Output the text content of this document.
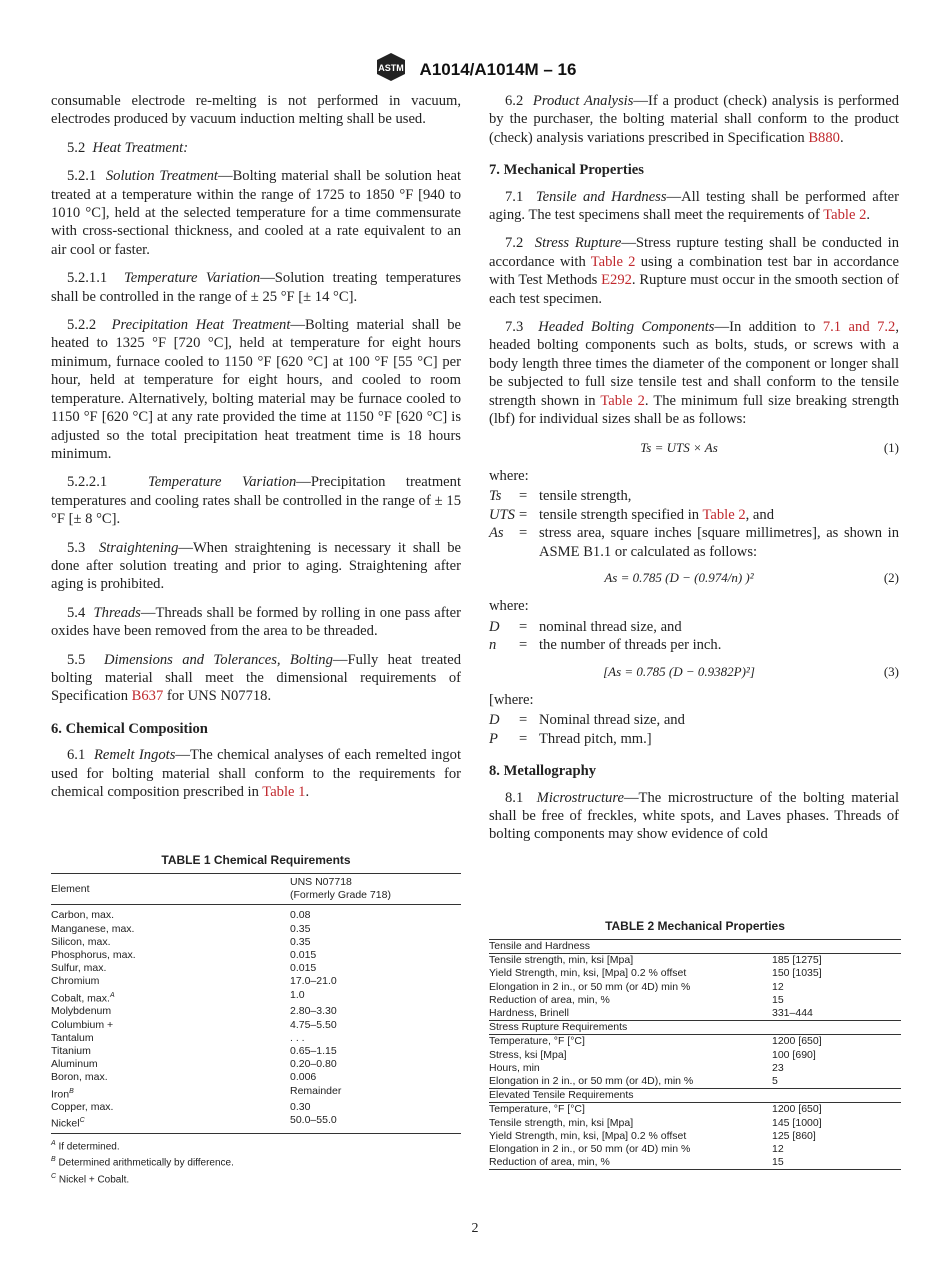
ASTM A1014/A1014M – 16

consumable electrode re-melting is not performed in vacuum, electrodes produced by vacuum induction melting shall be used.

5.2 Heat Treatment:

5.2.1 Solution Treatment—Bolting material shall be solution heat treated at a temperature within the range of 1725 to 1850 °F [940 to 1010 °C], held at the selected temperature for a time commensurate with cross-sectional thickness, and cooled at a rate equivalent to an air cool or faster.

5.2.1.1 Temperature Variation—Solution treating temperatures shall be controlled in the range of ± 25 °F [± 14 °C].

5.2.2 Precipitation Heat Treatment—Bolting material shall be heated to 1325 °F [720 °C], held at temperature for eight hours minimum, furnace cooled to 1150 °F [620 °C] at 100 °F [55 °C] per hour, held at temperature for eight hours, and cooled to room temperature. Alternatively, bolting material may be furnace cooled to 1150 °F [620 °C] at any rate provided the time at 1150 °F [620 °C] is adjusted so the total precipitation heat treatment time is 18 hours minimum.

5.2.2.1	Temperature Variation—Precipitation treatment temperatures and cooling rates shall be controlled in the range of ± 15 °F [± 8 °C].

5.3 Straightening—When straightening is necessary it shall be done after solution treating and prior to aging. Straightening after aging is prohibited.

5.4 Threads—Threads shall be formed by rolling in one pass after oxides have been removed from the area to be threaded.

5.5 Dimensions and Tolerances, Bolting—Fully heat treated bolting material shall meet the dimensional requirements of Specification B637 for UNS N07718.

6. Chemical Composition

6.1 Remelt Ingots—The chemical analyses of each remelted ingot used for bolting material shall conform to the requirements for chemical composition prescribed in Table 1.

6.2 Product Analysis—If a product (check) analysis is performed by the purchaser, the bolting material shall conform to the product (check) analysis variations prescribed in Specification B880.

7. Mechanical Properties

7.1 Tensile and Hardness—All testing shall be performed after aging. The test specimens shall meet the requirements of Table 2.

7.2 Stress Rupture—Stress rupture testing shall be conducted in accordance with Table 2 using a combination test bar in accordance with Test Methods E292. Rupture must occur in the smooth section of each test specimen.

7.3 Headed Bolting Components—In addition to 7.1 and 7.2, headed bolting components such as bolts, studs, or screws with a body length three times the diameter of the component or longer shall be subjected to full size tensile test and shall conform to the tensile strength shown in Table 2. The minimum full size breaking strength (lbf) for individual sizes shall be as follows:

Ts = UTS × As	(1)
where:
Ts	= tensile strength,
UTS = tensile strength specified in Table 2, and
As	= stress area, square inches [square millimetres], as shown in ASME B1.1 or calculated as follows:
As = 0.785 (D − (0.974/n) )²	(2)
where:
D	= nominal thread size, and
n	= the number of threads per inch.
[As = 0.785 (D − 0.9382P)²]	(3)
[where:
D	= Nominal thread size, and
P	= Thread pitch, mm.]
8. Metallography

8.1 Microstructure—The microstructure of the bolting material shall be free of freckles, white spots, and Laves phases. Threads of bolting components may show evidence of cold

TABLE 1 Chemical Requirements
Element	UNS N07718
(Formerly Grade 718)

Carbon, max.	0.08
Manganese, max.	0.35
Silicon, max.	0.35
Phosphorus, max.	0.015
Sulfur, max.	0.015
Chromium	17.0–21.0
Cobalt, max.$^A$	1.0
Molybdenum	2.80–3.30
Columbium +	4.75–5.50
Tantalum	. . .
Titanium	0.65–1.15
Aluminum	0.20–0.80
Boron, max.	0.006
Iron$^B$	Remainder
Copper, max.	0.30
Nickel$^C$	50.0–55.0
$^A$ If determined.
$^B$ Determined arithmetically by difference.
$^C$ Nickel + Cobalt.
TABLE 2 Mechanical Properties
Tensile and Hardness	
Tensile strength, min, ksi [Mpa]	185 [1275]
Yield Strength, min, ksi, [Mpa] 0.2 % offset	150 [1035]
Elongation in 2 in., or 50 mm (or 4D) min %	12
Reduction of area, min, %	15
Hardness, Brinell	331–444
Stress Rupture Requirements	
Temperature, °F [°C]	1200 [650]
Stress, ksi [Mpa]	100 [690]
Hours, min	23
Elongation in 2 in., or 50 mm (or 4D), min %	5
Elevated Tensile Requirements	
Temperature, °F [°C]	1200 [650]
Tensile strength, min, ksi [Mpa]	145 [1000]
Yield Strength, min, ksi, [Mpa] 0.2 % offset	125 [860]
Elongation in 2 in., or 50 mm (or 4D) min %	12
Reduction of area, min, %	15
2
